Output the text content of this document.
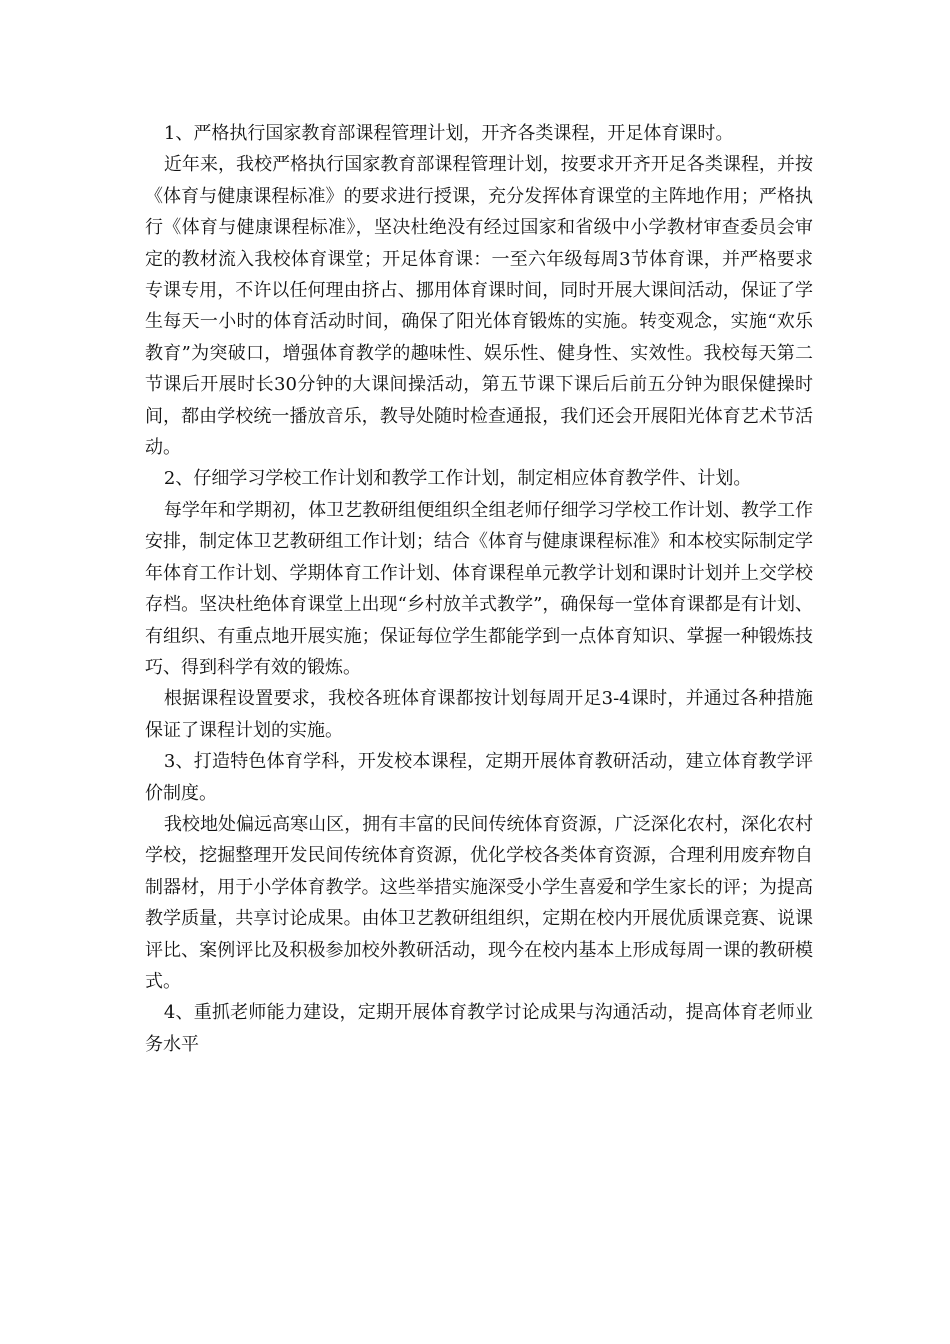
1、严格执行国家教育部课程管理计划，开齐各类课程，开足体育课时。

近年来，我校严格执行国家教育部课程管理计划，按要求开齐开足各类课程，并按《体育与健康课程标准》的要求进行授课，充分发挥体育课堂的主阵地作用；严格执行《体育与健康课程标准》，坚决杜绝没有经过国家和省级中小学教材审查委员会审定的教材流入我校体育课堂；开足体育课：一至六年级每周3节体育课，并严格要求专课专用，不许以任何理由挤占、挪用体育课时间，同时开展大课间活动，保证了学生每天一小时的体育活动时间，确保了阳光体育锻炼的实施。转变观念，实施“欢乐教育”为突破口，增强体育教学的趣味性、娱乐性、健身性、实效性。我校每天第二节课后开展时长30分钟的大课间操活动，第五节课下课后后前五分钟为眼保健操时间，都由学校统一播放音乐，教导处随时检查通报，我们还会开展阳光体育艺术节活动。

2、仔细学习学校工作计划和教学工作计划，制定相应体育教学件、计划。

每学年和学期初，体卫艺教研组便组织全组老师仔细学习学校工作计划、教学工作安排，制定体卫艺教研组工作计划；结合《体育与健康课程标准》和本校实际制定学年体育工作计划、学期体育工作计划、体育课程单元教学计划和课时计划并上交学校存档。坚决杜绝体育课堂上出现“乡村放羊式教学”，确保每一堂体育课都是有计划、有组织、有重点地开展实施；保证每位学生都能学到一点体育知识、掌握一种锻炼技巧、得到科学有效的锻炼。

根据课程设置要求，我校各班体育课都按计划每周开足3-4课时，并通过各种措施保证了课程计划的实施。

3、打造特色体育学科，开发校本课程，定期开展体育教研活动，建立体育教学评价制度。

我校地处偏远高寒山区，拥有丰富的民间传统体育资源，广泛深化农村，深化农村学校，挖掘整理开发民间传统体育资源，优化学校各类体育资源，合理利用废弃物自制器材，用于小学体育教学。这些举措实施深受小学生喜爱和学生家长的评；为提高教学质量，共享讨论成果。由体卫艺教研组组织，定期在校内开展优质课竞赛、说课评比、案例评比及积极参加校外教研活动，现今在校内基本上形成每周一课的教研模式。

4、重抓老师能力建设，定期开展体育教学讨论成果与沟通活动，提高体育老师业务水平
